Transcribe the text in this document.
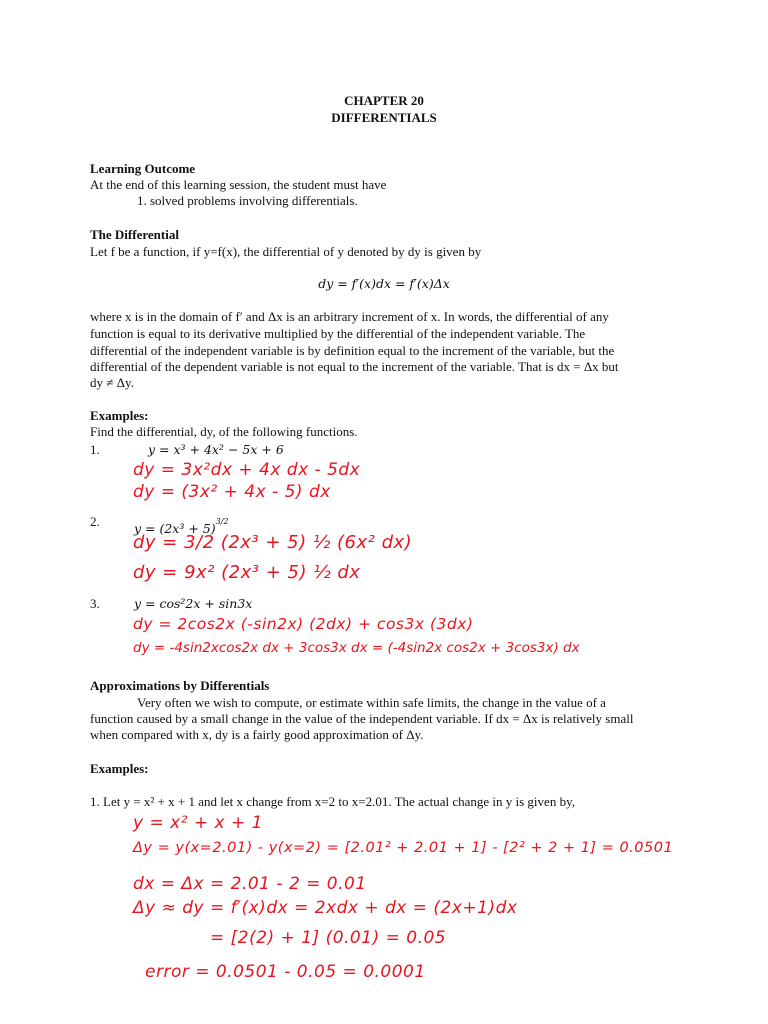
CHAPTER 20
DIFFERENTIALS
Learning Outcome
At the end of this learning session, the student must have
1. solved problems involving differentials.
The Differential
Let f be a function, if y=f(x), the differential of y denoted by dy is given by
dy = f′(x)dx = f′(x)Δx
where x is in the domain of f′ and Δx is an arbitrary increment of x. In words, the differential of any
function is equal to its derivative multiplied by the differential of the independent variable. The
differential of the independent variable is by definition equal to the increment of the variable, but the
differential of the dependent variable is not equal to the increment of the variable. That is dx = Δx but
dy ≠ Δy.
Examples:
Find the differential, dy, of the following functions.
1.	y = x³ + 4x² − 5x + 6
dy = 3x²dx + 4x dx - 5dx
dy = (3x² + 4x - 5) dx
2.	$y = (2x^3 + 5)^{3/2}$
dy = 3/2 (2x³ + 5) ½ (6x² dx)
dy = 9x² (2x³ + 5) ½ dx
3.	y = cos²2x + sin3x
dy = 2cos2x (-sin2x) (2dx) + cos3x (3dx)
dy = -4sin2xcos2x dx + 3cos3x dx = (-4sin2x cos2x + 3cos3x) dx
Approximations by Differentials
Very often we wish to compute, or estimate within safe limits, the change in the value of a
function caused by a small change in the value of the independent variable. If dx = Δx is relatively small
when compared with x, dy is a fairly good approximation of Δy.
Examples:
1. Let y = x² + x + 1 and let x change from x=2 to x=2.01. The actual change in y is given by,
y = x² + x + 1
Δy = y(x=2.01) - y(x=2) = [2.01² + 2.01 + 1] - [2² + 2 + 1] = 0.0501
dx = Δx = 2.01 - 2 = 0.01
Δy ≈ dy = f′(x)dx = 2xdx + dx = (2x+1)dx
= [2(2) + 1] (0.01) = 0.05
error = 0.0501 - 0.05 = 0.0001
